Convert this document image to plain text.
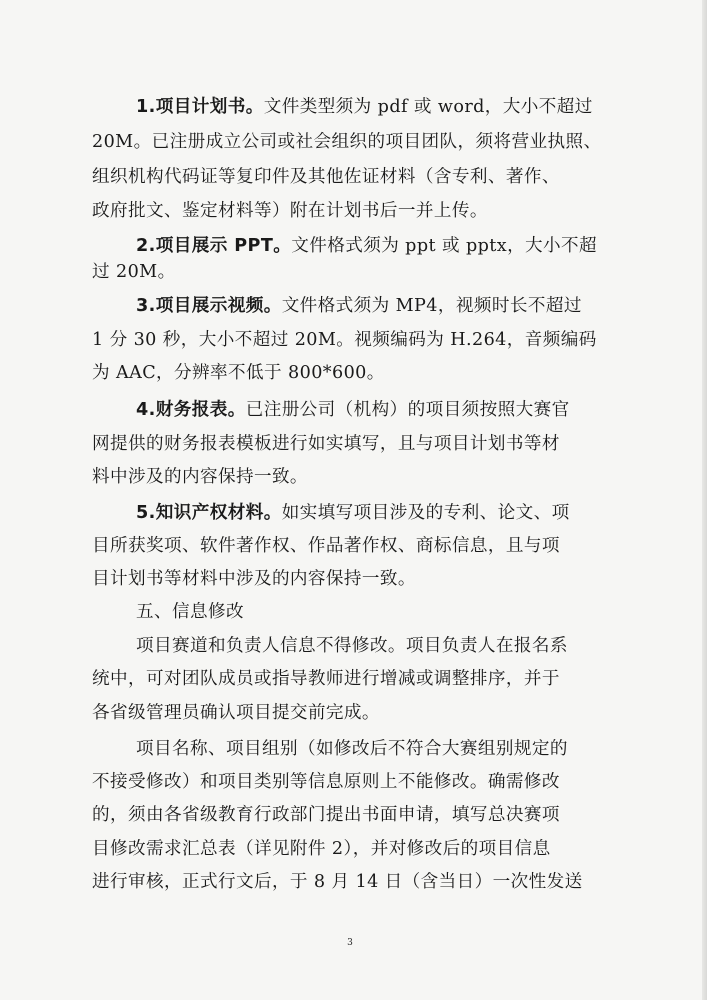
1.项目计划书。文件类型须为 pdf 或 word，大小不超过
20M。已注册成立公司或社会组织的项目团队，须将营业执照、
组织机构代码证等复印件及其他佐证材料（含专利、著作、
政府批文、鉴定材料等）附在计划书后一并上传。
2.项目展示 PPT。文件格式须为 ppt 或 pptx，大小不超
过 20M。
3.项目展示视频。文件格式须为 MP4，视频时长不超过
1 分 30 秒，大小不超过 20M。视频编码为 H.264，音频编码
为 AAC，分辨率不低于 800*600。
4.财务报表。已注册公司（机构）的项目须按照大赛官
网提供的财务报表模板进行如实填写，且与项目计划书等材
料中涉及的内容保持一致。
5.知识产权材料。如实填写项目涉及的专利、论文、项
目所获奖项、软件著作权、作品著作权、商标信息，且与项
目计划书等材料中涉及的内容保持一致。
五、信息修改
项目赛道和负责人信息不得修改。项目负责人在报名系
统中，可对团队成员或指导教师进行增减或调整排序，并于
各省级管理员确认项目提交前完成。
项目名称、项目组别（如修改后不符合大赛组别规定的
不接受修改）和项目类别等信息原则上不能修改。确需修改
的，须由各省级教育行政部门提出书面申请，填写总决赛项
目修改需求汇总表（详见附件 2），并对修改后的项目信息
进行审核，正式行文后，于 8 月 14 日（含当日）一次性发送
3
